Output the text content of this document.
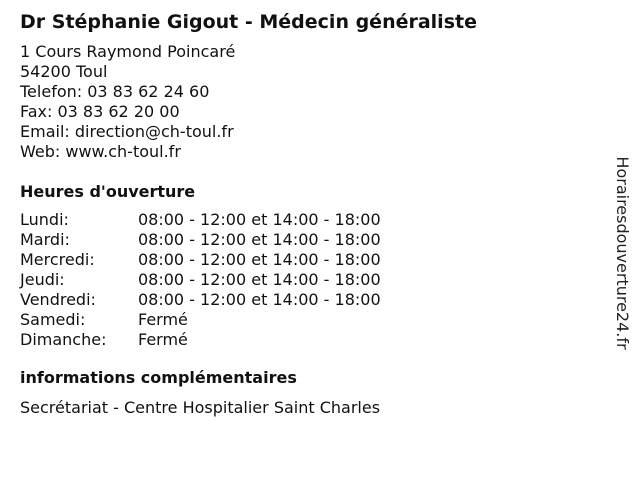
Dr Stéphanie Gigout - Médecin généraliste
1 Cours Raymond Poincaré
54200 Toul
Telefon: 03 83 62 24 60
Fax: 03 83 62 20 00
Email: direction@ch-toul.fr
Web: www.ch-toul.fr
Heures d'ouverture
Lundi:	08:00 - 12:00 et 14:00 - 18:00
Mardi:	08:00 - 12:00 et 14:00 - 18:00
Mercredi:	08:00 - 12:00 et 14:00 - 18:00
Jeudi:	08:00 - 12:00 et 14:00 - 18:00
Vendredi:	08:00 - 12:00 et 14:00 - 18:00
Samedi:	Fermé
Dimanche:	Fermé
informations complémentaires
Secrétariat - Centre Hospitalier Saint Charles
Horairesdouverture24.fr
